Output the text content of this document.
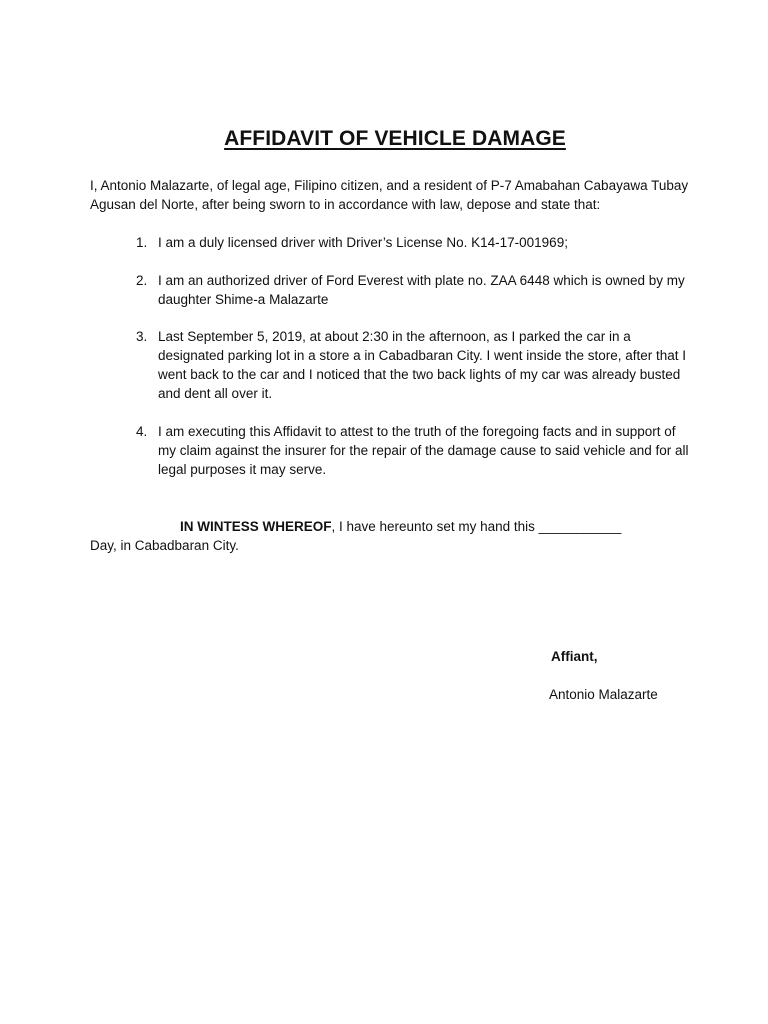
AFFIDAVIT OF VEHICLE DAMAGE
I, Antonio Malazarte, of legal age, Filipino citizen, and a resident of P-7 Amabahan Cabayawa Tubay Agusan del Norte, after being sworn to in accordance with law, depose and state that:
1. I am a duly licensed driver with Driver’s License No. K14-17-001969;
2. I am an authorized driver of Ford Everest with plate no. ZAA 6448 which is owned by my daughter Shime-a Malazarte
3. Last September 5, 2019, at about 2:30 in the afternoon, as I parked the car in a designated parking lot in a store a in Cabadbaran City. I went inside the store, after that I went back to the car and I noticed that the two back lights of my car was already busted and dent all over it.
4. I am executing this Affidavit to attest to the truth of the foregoing facts and in support of my claim against the insurer for the repair of the damage cause to said vehicle and for all legal purposes it may serve.
IN WINTESS WHEREOF, I have hereunto set my hand this ___________
Day, in Cabadbaran City.
Affiant,
Antonio Malazarte
